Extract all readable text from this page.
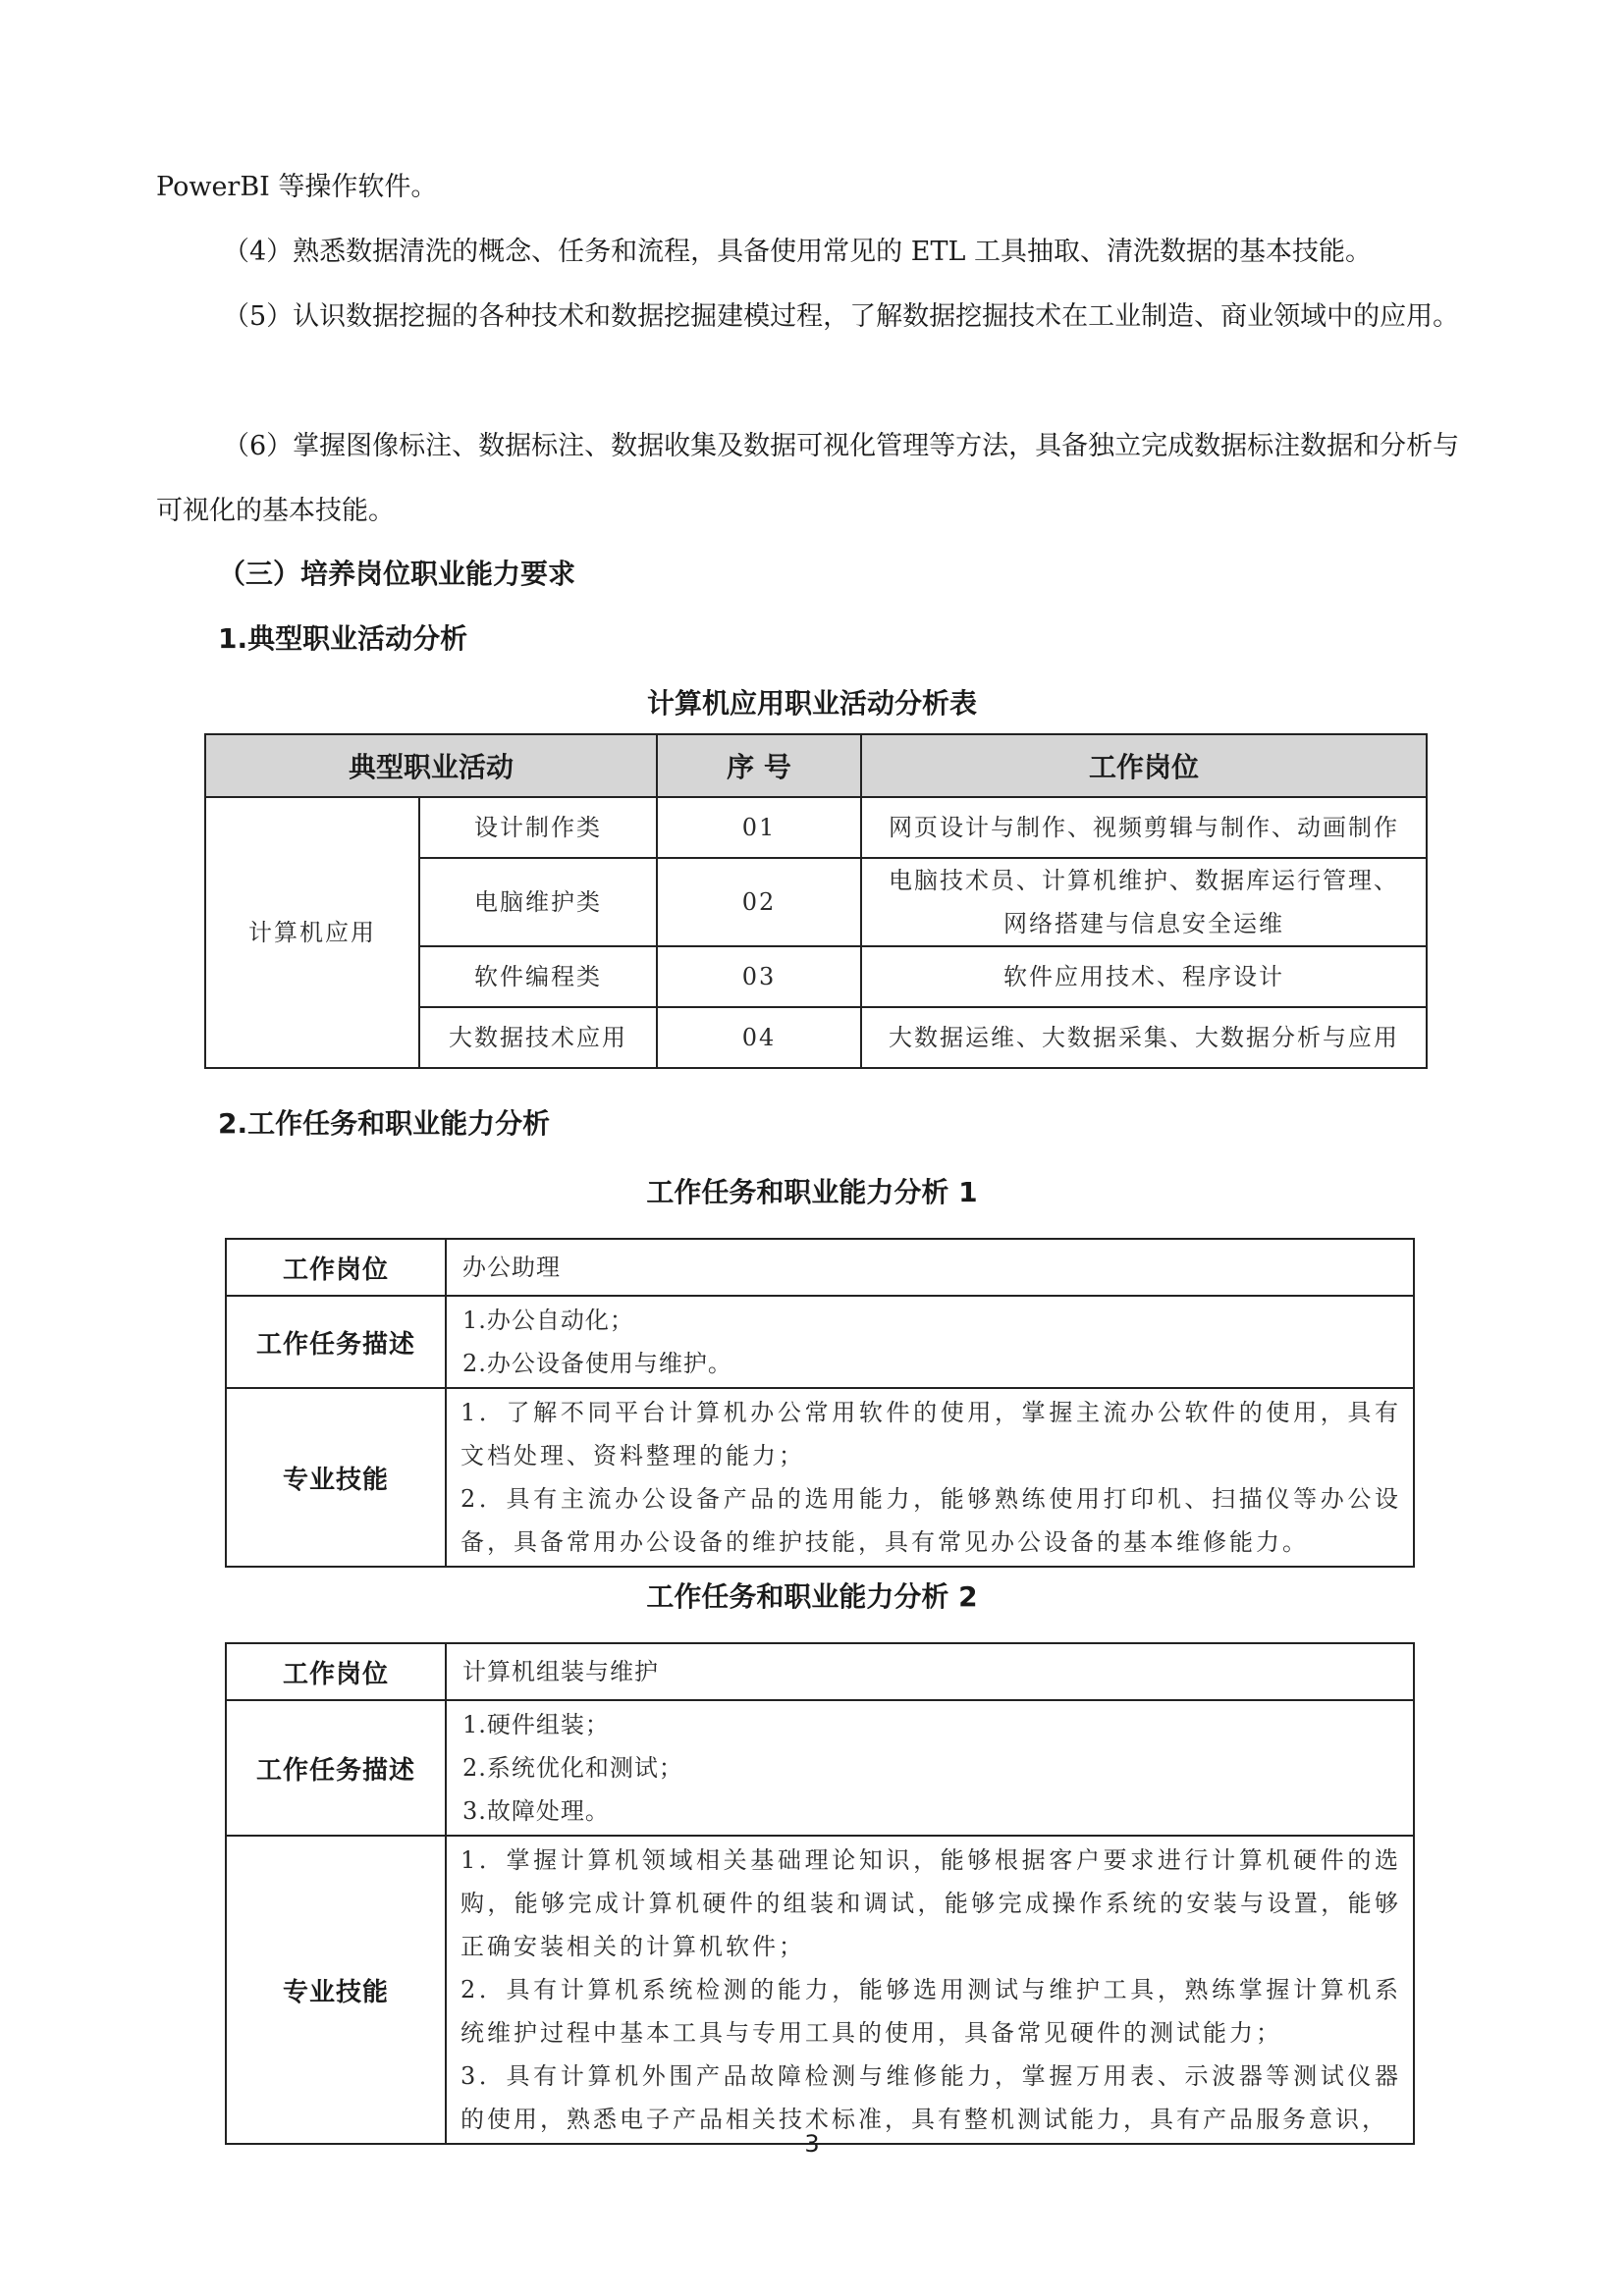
PowerBI 等操作软件。

（4）熟悉数据清洗的概念、任务和流程，具备使用常见的 ETL 工具抽取、清洗数据的基本技能。

（5）认识数据挖掘的各种技术和数据挖掘建模过程，了解数据挖掘技术在工业制造、商业领域中的应用。

（6）掌握图像标注、数据标注、数据收集及数据可视化管理等方法，具备独立完成数据标注数据和分析与可视化的基本技能。

（三）培养岗位职业能力要求

1.典型职业活动分析

计算机应用职业活动分析表

典型职业活动		序 号	工作岗位
计算机应用	设计制作类	01	网页设计与制作、视频剪辑与制作、动画制作
	电脑维护类	02	电脑技术员、计算机维护、数据库运行管理、
网络搭建与信息安全运维

	软件编程类	03	软件应用技术、程序设计
	大数据技术应用	04	大数据运维、大数据采集、大数据分析与应用

2.工作任务和职业能力分析

工作任务和职业能力分析 1

工作岗位	办公助理
工作任务描述	1.办公自动化；
2.办公设备使用与维护。

专业技能	1．了解不同平台计算机办公常用软件的使用，掌握主流办公软件的使用，具有文档处理、资料整理的能力；
2．具有主流办公设备产品的选用能力，能够熟练使用打印机、扫描仪等办公设备，具备常用办公设备的维护技能，具有常见办公设备的基本维修能力。

工作任务和职业能力分析 2

工作岗位	计算机组装与维护
工作任务描述	1.硬件组装；
2.系统优化和测试；
3.故障处理。

专业技能	1．掌握计算机领域相关基础理论知识，能够根据客户要求进行计算机硬件的选购，能够完成计算机硬件的组装和调试，能够完成操作系统的安装与设置，能够正确安装相关的计算机软件；
2．具有计算机系统检测的能力，能够选用测试与维护工具，熟练掌握计算机系统维护过程中基本工具与专用工具的使用，具备常见硬件的测试能力；
3．具有计算机外围产品故障检测与维修能力，掌握万用表、示波器等测试仪器的使用，熟悉电子产品相关技术标准，具有整机测试能力，具有产品服务意识，
3
